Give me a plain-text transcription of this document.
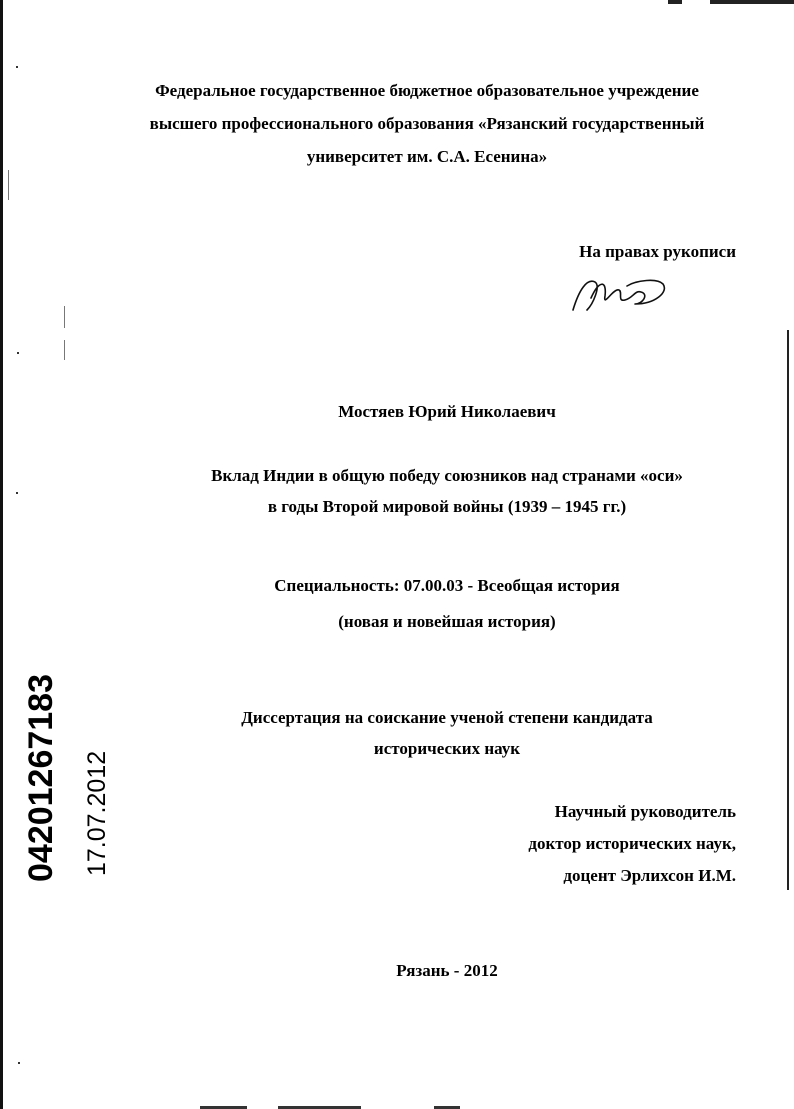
Федеральное государственное бюджетное образовательное учреждение
высшего профессионального образования «Рязанский государственный
университет им. С.А. Есенина»
На правах рукописи
Мостяев Юрий Николаевич
Вклад Индии в общую победу союзников над странами «оси»
в годы Второй мировой войны (1939 – 1945 гг.)
Специальность: 07.00.03 - Всеобщая история
(новая и новейшая история)
Диссертация на соискание ученой степени кандидата
исторических наук
Научный руководитель
доктор исторических наук,
доцент Эрлихсон И.М.
Рязань - 2012
04201267183 17.07.2012
